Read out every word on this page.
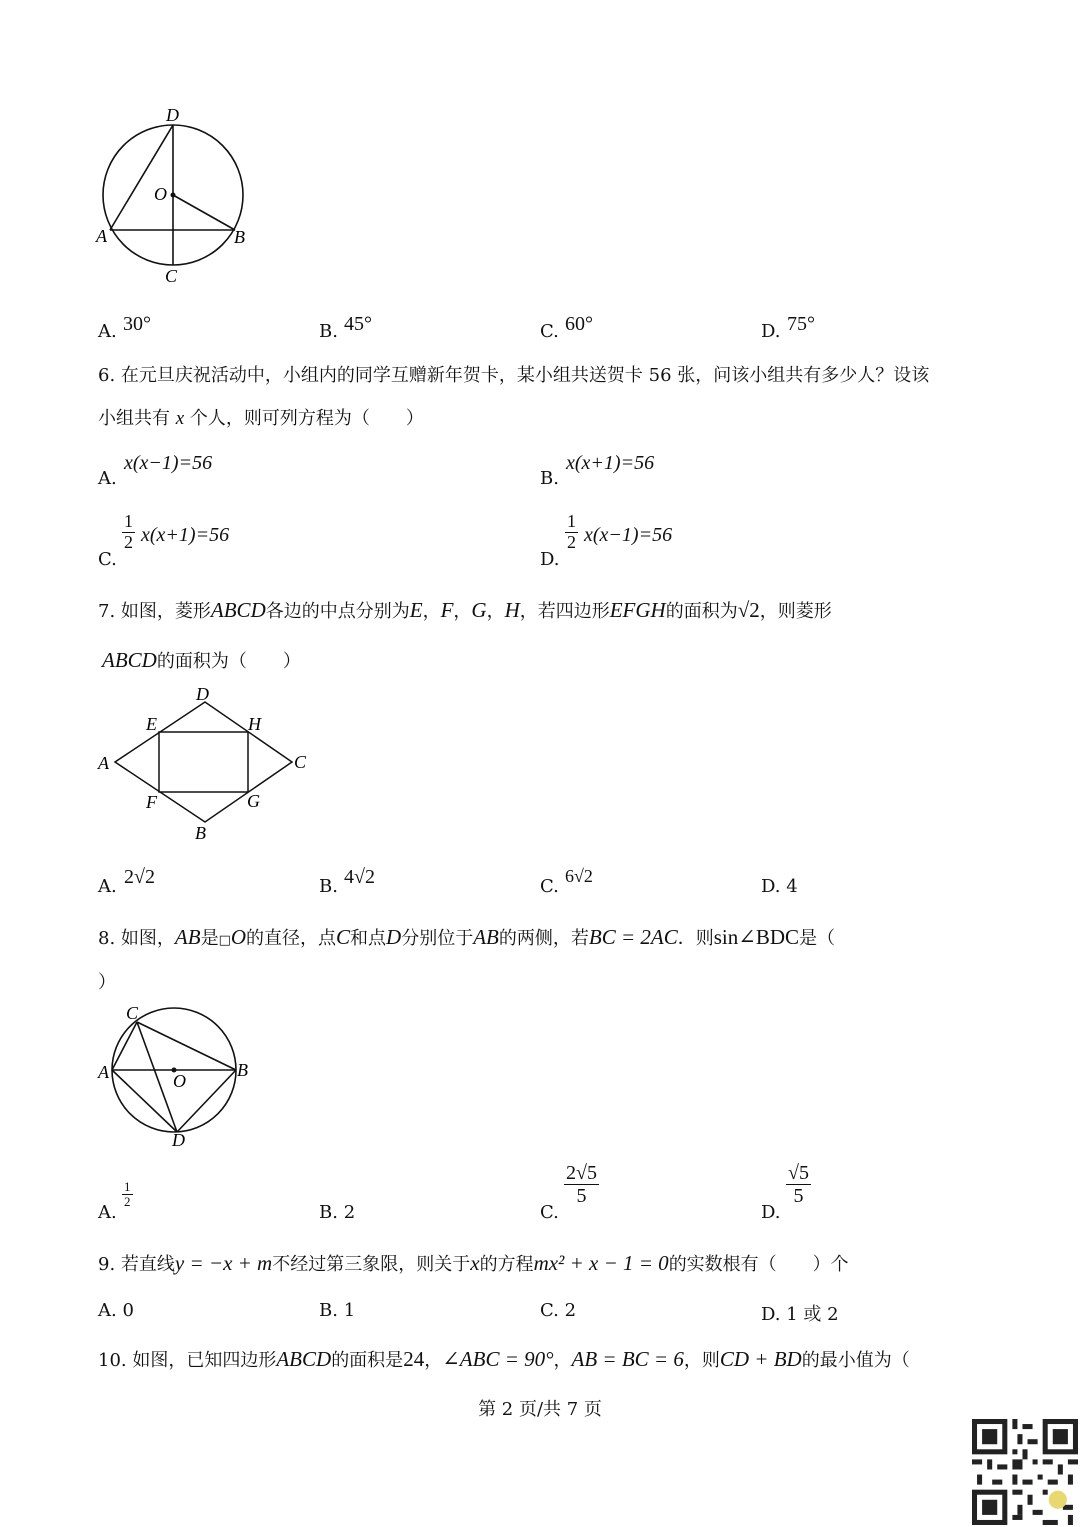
D
O
A	B
C
A. 30°	B. 45°	C. 60°	D. 75°
6. 在元旦庆祝活动中，小组内的同学互赠新年贺卡，某小组共送贺卡 56 张，问该小组共有多少人？设该
小组共有 x 个人，则可列方程为（　　）
A.
x(x−1)=56
B.
x(x+1)=56
C.
$\frac{1}{2} x(x+1)=56$
D.
$\frac{1}{2} x(x-1)=56$
7. 如图，菱形ABCD各边的中点分别为E，F，G，H，若四边形EFGH的面积为√2，则菱形
ABCD的面积为（　　）
D
E	H
A	C
F	G
B
A. 2√2	B. 4√2	C. 6√2	D. 4
8. 如图，AB是□O的直径，点C和点D分别位于AB的两侧，若BC = 2AC．则sin∠BDC是（
）
C
A	O
B
D
A.
$\frac{1}{2}$
B. 2	C.
$\frac{2√5}{5}$
D.
$\frac{√5}{5}$
9. 若直线y = −x + m不经过第三象限，则关于x的方程mx² + x − 1 = 0的实数根有（　　）个
A. 0	B. 1	C. 2	D. 1 或 2
10. 如图，已知四边形ABCD的面积是24，∠ABC = 90°，AB = BC = 6，则CD + BD的最小值为（
第 2 页/共 7 页
